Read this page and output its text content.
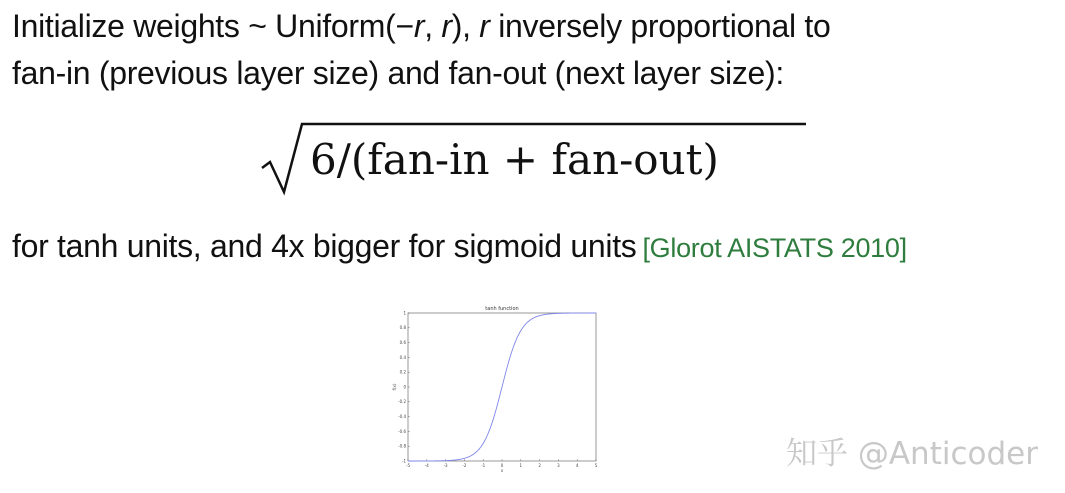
Initialize weights ~ Uniform(−r, r), r inversely proportional to
fan-in (previous layer size) and fan-out (next layer size):
6/(fan-in + fan-out)
for tanh units, and 4x bigger for sigmoid units [Glorot AISTATS 2010]
tanh function
-5	-4	-3	-2	-1	0	1	2	3	4	5
1
0.8
0.6
0.4
0.2
0
-0.2
-0.4
-0.6
-0.8
-1
x
f(x)
知乎 @Anticoder
